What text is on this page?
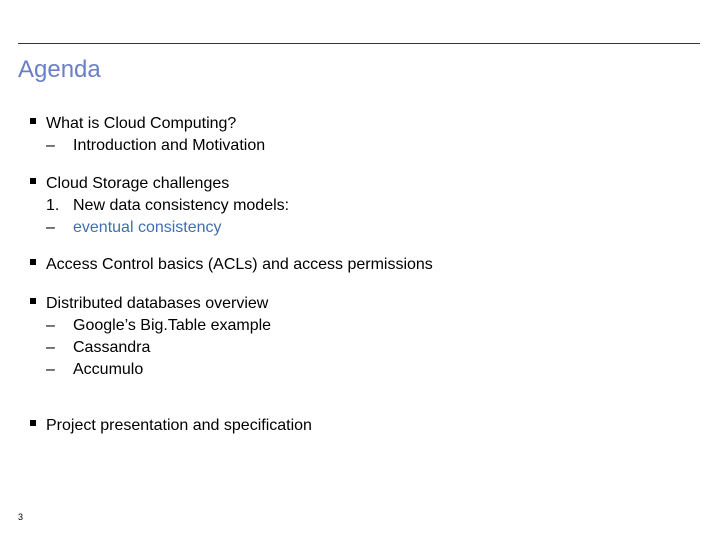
Agenda
What is Cloud Computing?
– Introduction and Motivation
Cloud Storage challenges
1. New data consistency models:
– eventual consistency
Access Control basics (ACLs) and access permissions
Distributed databases overview
– Google’s Big.Table example
– Cassandra
– Accumulo
Project presentation and specification
3
